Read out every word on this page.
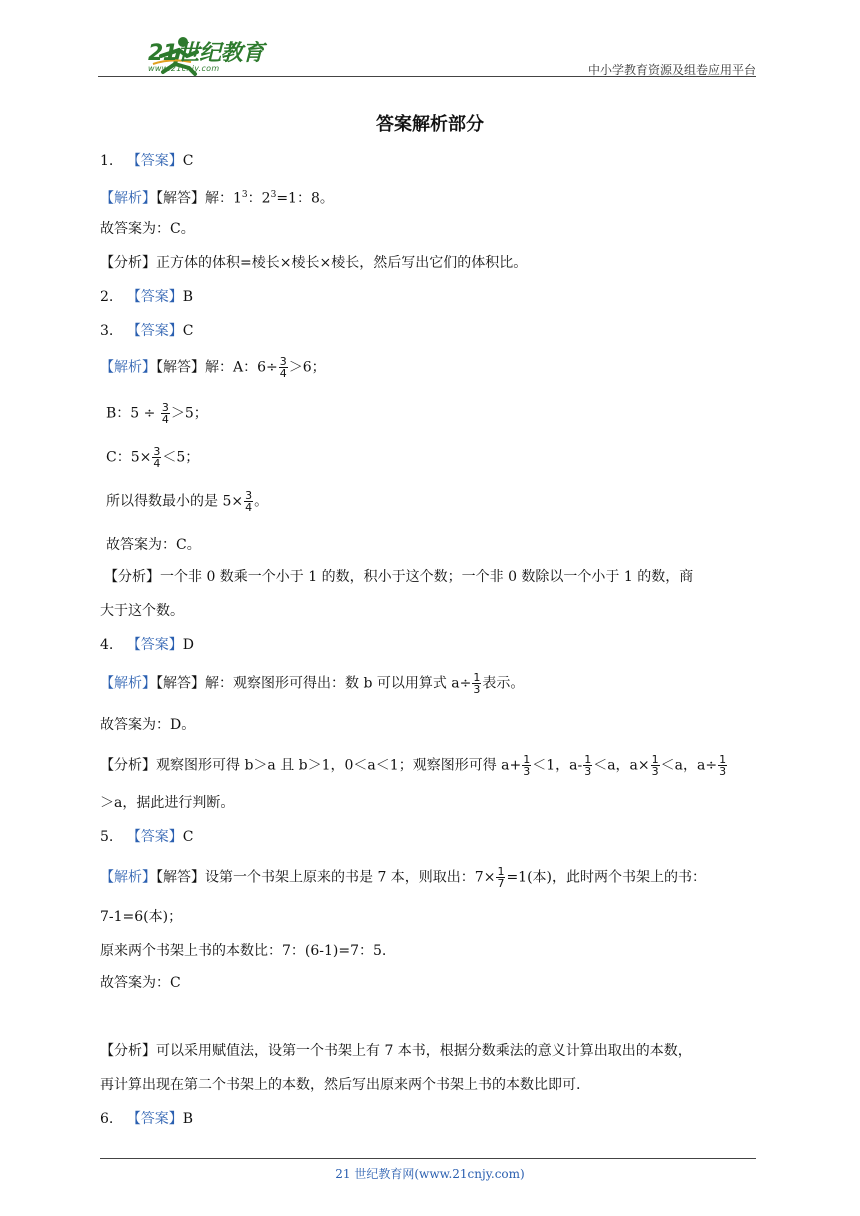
21世纪教育
www.21cnjy.com	中小学教育资源及组卷应用平台
答案解析部分
1. 【答案】C
【解析】【解答】解：$1^3$：$2^3=1$：8。
故答案为：C。
【分析】正方体的体积=棱长×棱长×棱长，然后写出它们的体积比。
2. 【答案】B
3. 【答案】C
【解析】【解答】解：A：$6\div \frac{3}{4} >6$；
B：$5 \div \frac{3}{4} >5$；
C：$5\times \frac{3}{4} <5$；
所以得数最小的是 $5\times \frac{3}{4}$ 。
故答案为：C。
【分析】一个非 0 数乘一个小于 1 的数，积小于这个数；一个非 0 数除以一个小于 1 的数，商
大于这个数。
4. 【答案】D
【解析】【解答】解：观察图形可得出：数 b 可以用算式 $a\div \frac{1}{3}$ 表示。
故答案为：D。
【分析】观察图形可得 b＞a 且 b＞1，0＜a＜1；观察图形可得 $a+ \frac{1}{3} <1$，$a- \frac{1}{3} <a$，$a\times \frac{1}{3} <a$，$a\div \frac{1}{3}$
＞a，据此进行判断。
5. 【答案】C
【解析】【解答】设第一个书架上原来的书是 7 本，则取出：$7\times \frac{1}{7} =1$(本)，此时两个书架上的书：
7-1=6(本)；
原来两个书架上书的本数比：7：(6-1)=7：5.
故答案为：C
【分析】可以采用赋值法，设第一个书架上有 7 本书，根据分数乘法的意义计算出取出的本数，
再计算出现在第二个书架上的本数，然后写出原来两个书架上书的本数比即可.
6. 【答案】B
21 世纪教育网(www.21cnjy.com)
